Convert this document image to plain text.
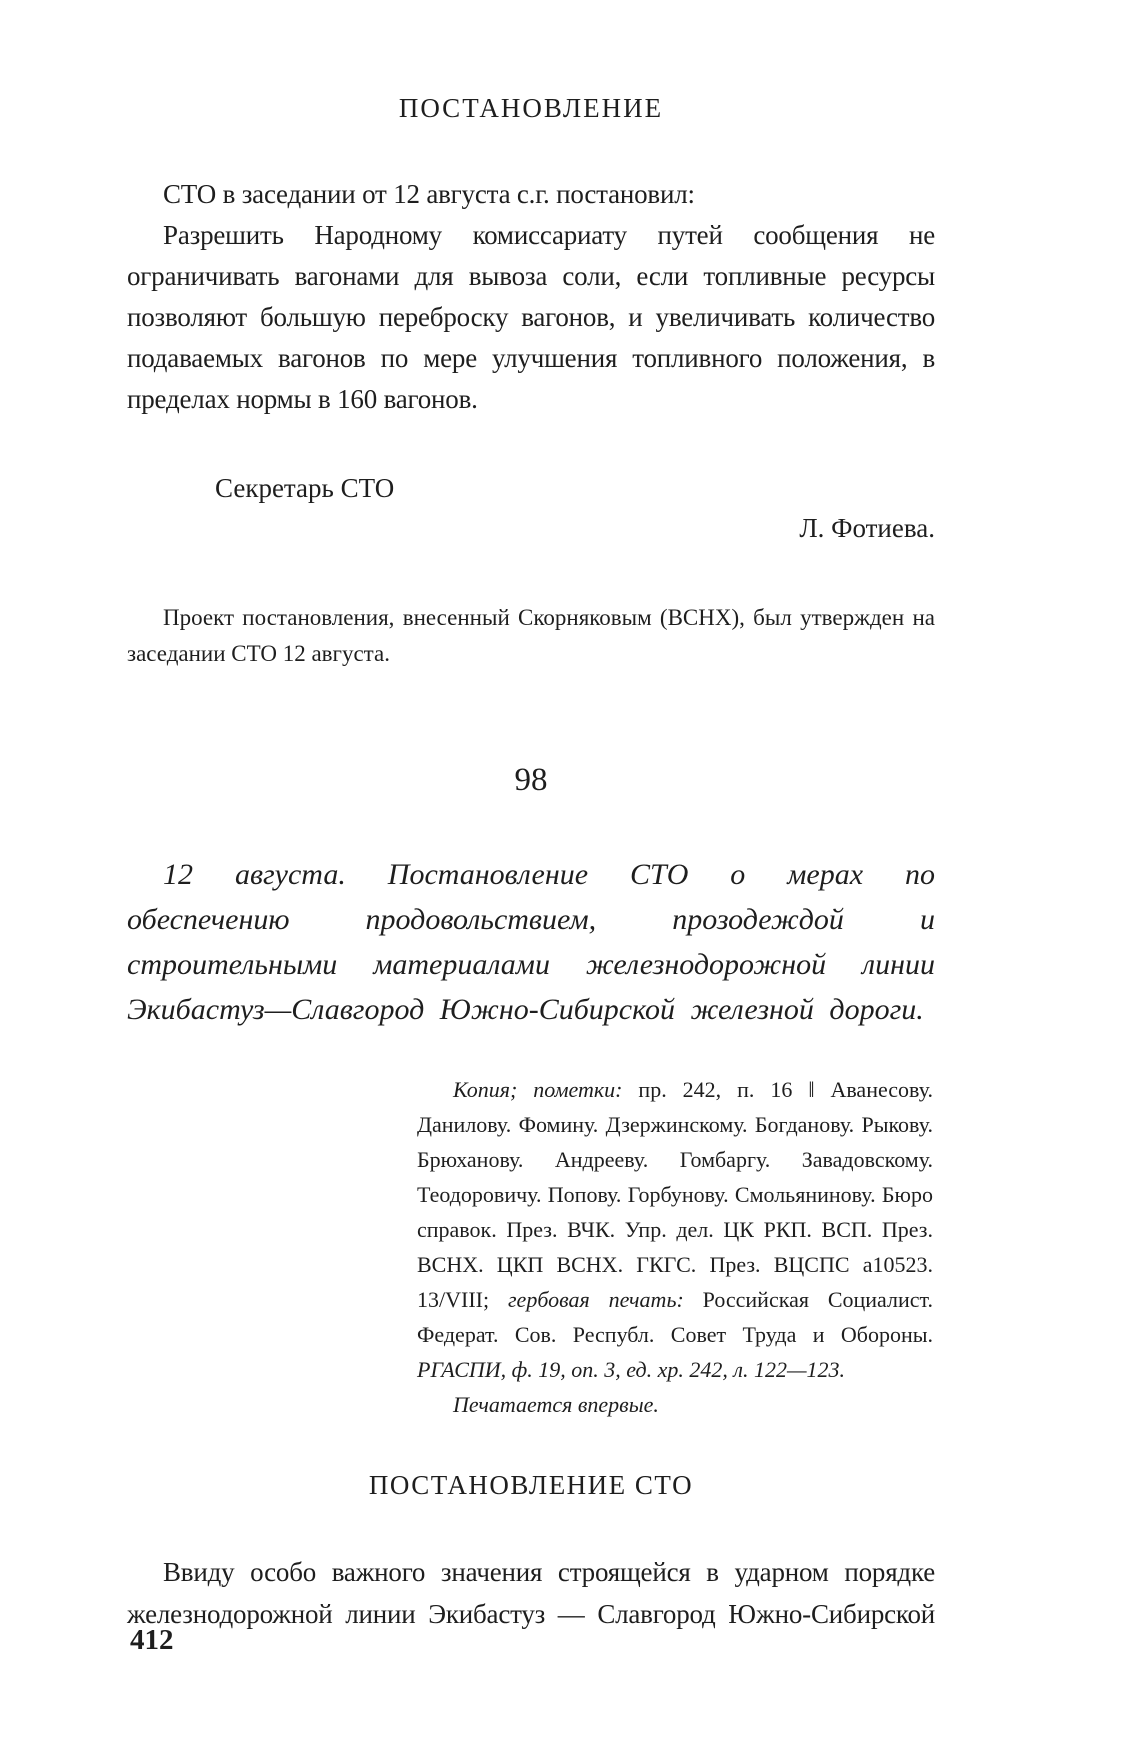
ПОСТАНОВЛЕНИЕ
СТО в заседании от 12 августа с.г. постановил:
Разрешить Народному комиссариату путей сообщения не ограничивать вагонами для вывоза соли, если топливные ресурсы позволяют большую переброску вагонов, и увеличивать количество подаваемых вагонов по мере улучшения топливного положения, в пределах нормы в 160 вагонов.
Секретарь СТО
Л. Фотиева.
Проект постановления, внесенный Скорняковым (ВСНХ), был утвержден на заседании СТО 12 августа.
98
12 августа. Постановление СТО о мерах по обеспечению продовольствием, прозодеждой и строительными материалами железнодорожной линии Экибастуз—Славгород Южно-Сибирской железной дороги.
Копия; пометки: пр. 242, п. 16 ‖ Аванесову. Данилову. Фомину. Дзержинскому. Богданову. Рыкову. Брюханову. Андрееву. Гомбаргу. Завадовскому. Теодоровичу. Попову. Горбунову. Смольянинову. Бюро справок. През. ВЧК. Упр. дел. ЦК РКП. ВСП. През. ВСНХ. ЦКП ВСНХ. ГКГС. През. ВЦСПС а10523. 13/VIII; гербовая печать: Российская Социалист. Федерат. Сов. Республ. Совет Труда и Обороны. РГАСПИ, ф. 19, оп. 3, ед. хр. 242, л. 122—123.
Печатается впервые.
ПОСТАНОВЛЕНИЕ СТО
Ввиду особо важного значения строящейся в ударном порядке железнодорожной линии Экибастуз — Славгород Южно-Сибирской
412
